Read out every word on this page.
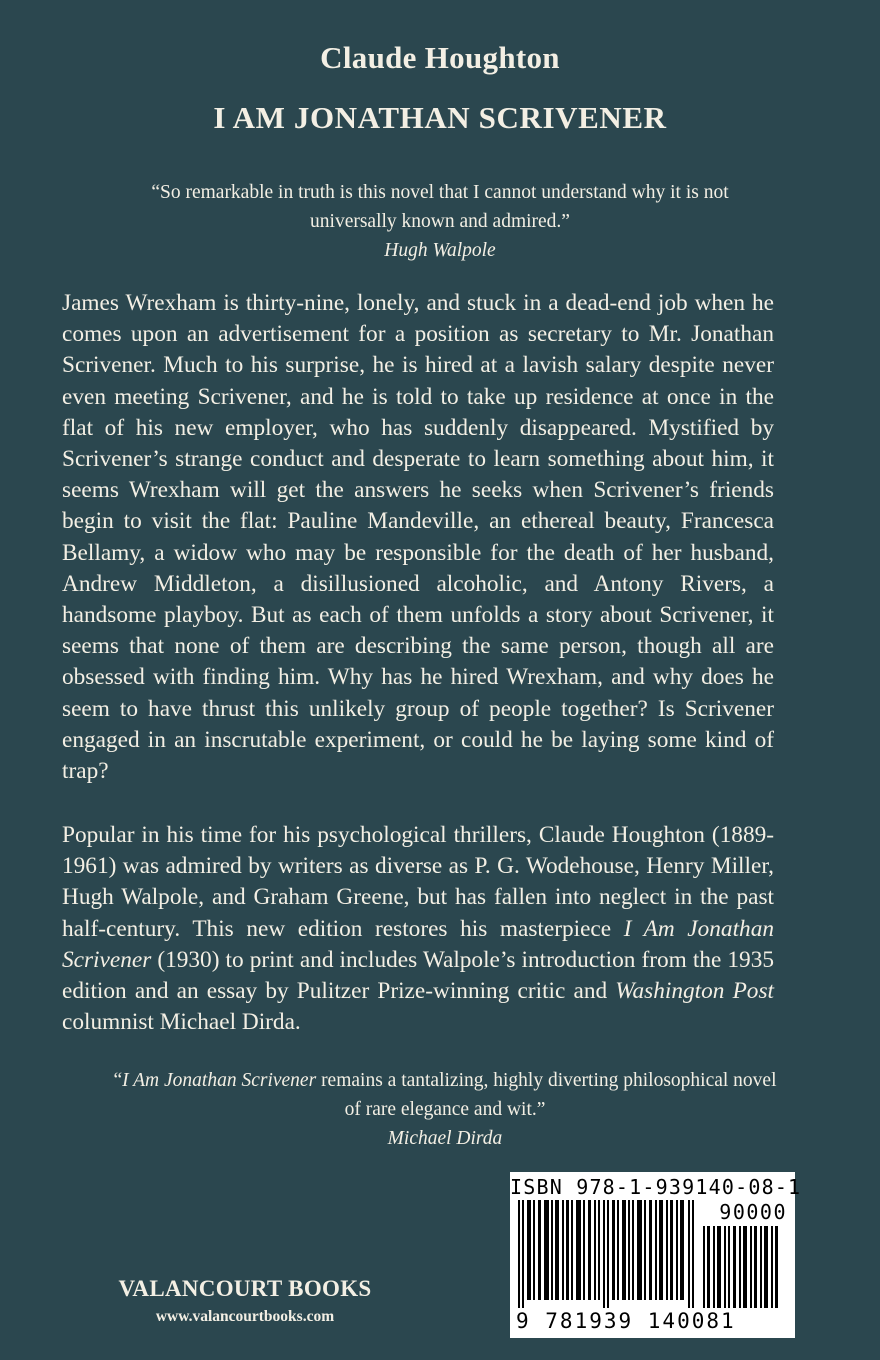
Claude Houghton
I AM JONATHAN SCRIVENER
“So remarkable in truth is this novel that I cannot understand why it is not universally known and admired.”
Hugh Walpole
James Wrexham is thirty-nine, lonely, and stuck in a dead-end job when he comes upon an advertisement for a position as secretary to Mr. Jonathan Scrivener. Much to his surprise, he is hired at a lavish salary despite never even meeting Scrivener, and he is told to take up residence at once in the flat of his new employer, who has suddenly disappeared. Mystified by Scrivener’s strange conduct and desperate to learn something about him, it seems Wrexham will get the answers he seeks when Scrivener’s friends begin to visit the flat: Pauline Mandeville, an ethereal beauty, Francesca Bellamy, a widow who may be responsible for the death of her husband, Andrew Middleton, a disillusioned alcoholic, and Antony Rivers, a handsome playboy. But as each of them unfolds a story about Scrivener, it seems that none of them are describing the same person, though all are obsessed with finding him. Why has he hired Wrexham, and why does he seem to have thrust this unlikely group of people together? Is Scrivener engaged in an inscrutable experiment, or could he be laying some kind of trap?
Popular in his time for his psychological thrillers, Claude Houghton (1889-1961) was admired by writers as diverse as P. G. Wodehouse, Henry Miller, Hugh Walpole, and Graham Greene, but has fallen into neglect in the past half-century. This new edition restores his masterpiece I Am Jonathan Scrivener (1930) to print and includes Walpole’s introduction from the 1935 edition and an essay by Pulitzer Prize-winning critic and Washington Post columnist Michael Dirda.
“I Am Jonathan Scrivener remains a tantalizing, highly diverting philosophical novel of rare elegance and wit.”
Michael Dirda
VALANCOURT BOOKS
www.valancourtbooks.com
ISBN 978-1-939140-08-1
90000
9 781939 140081
